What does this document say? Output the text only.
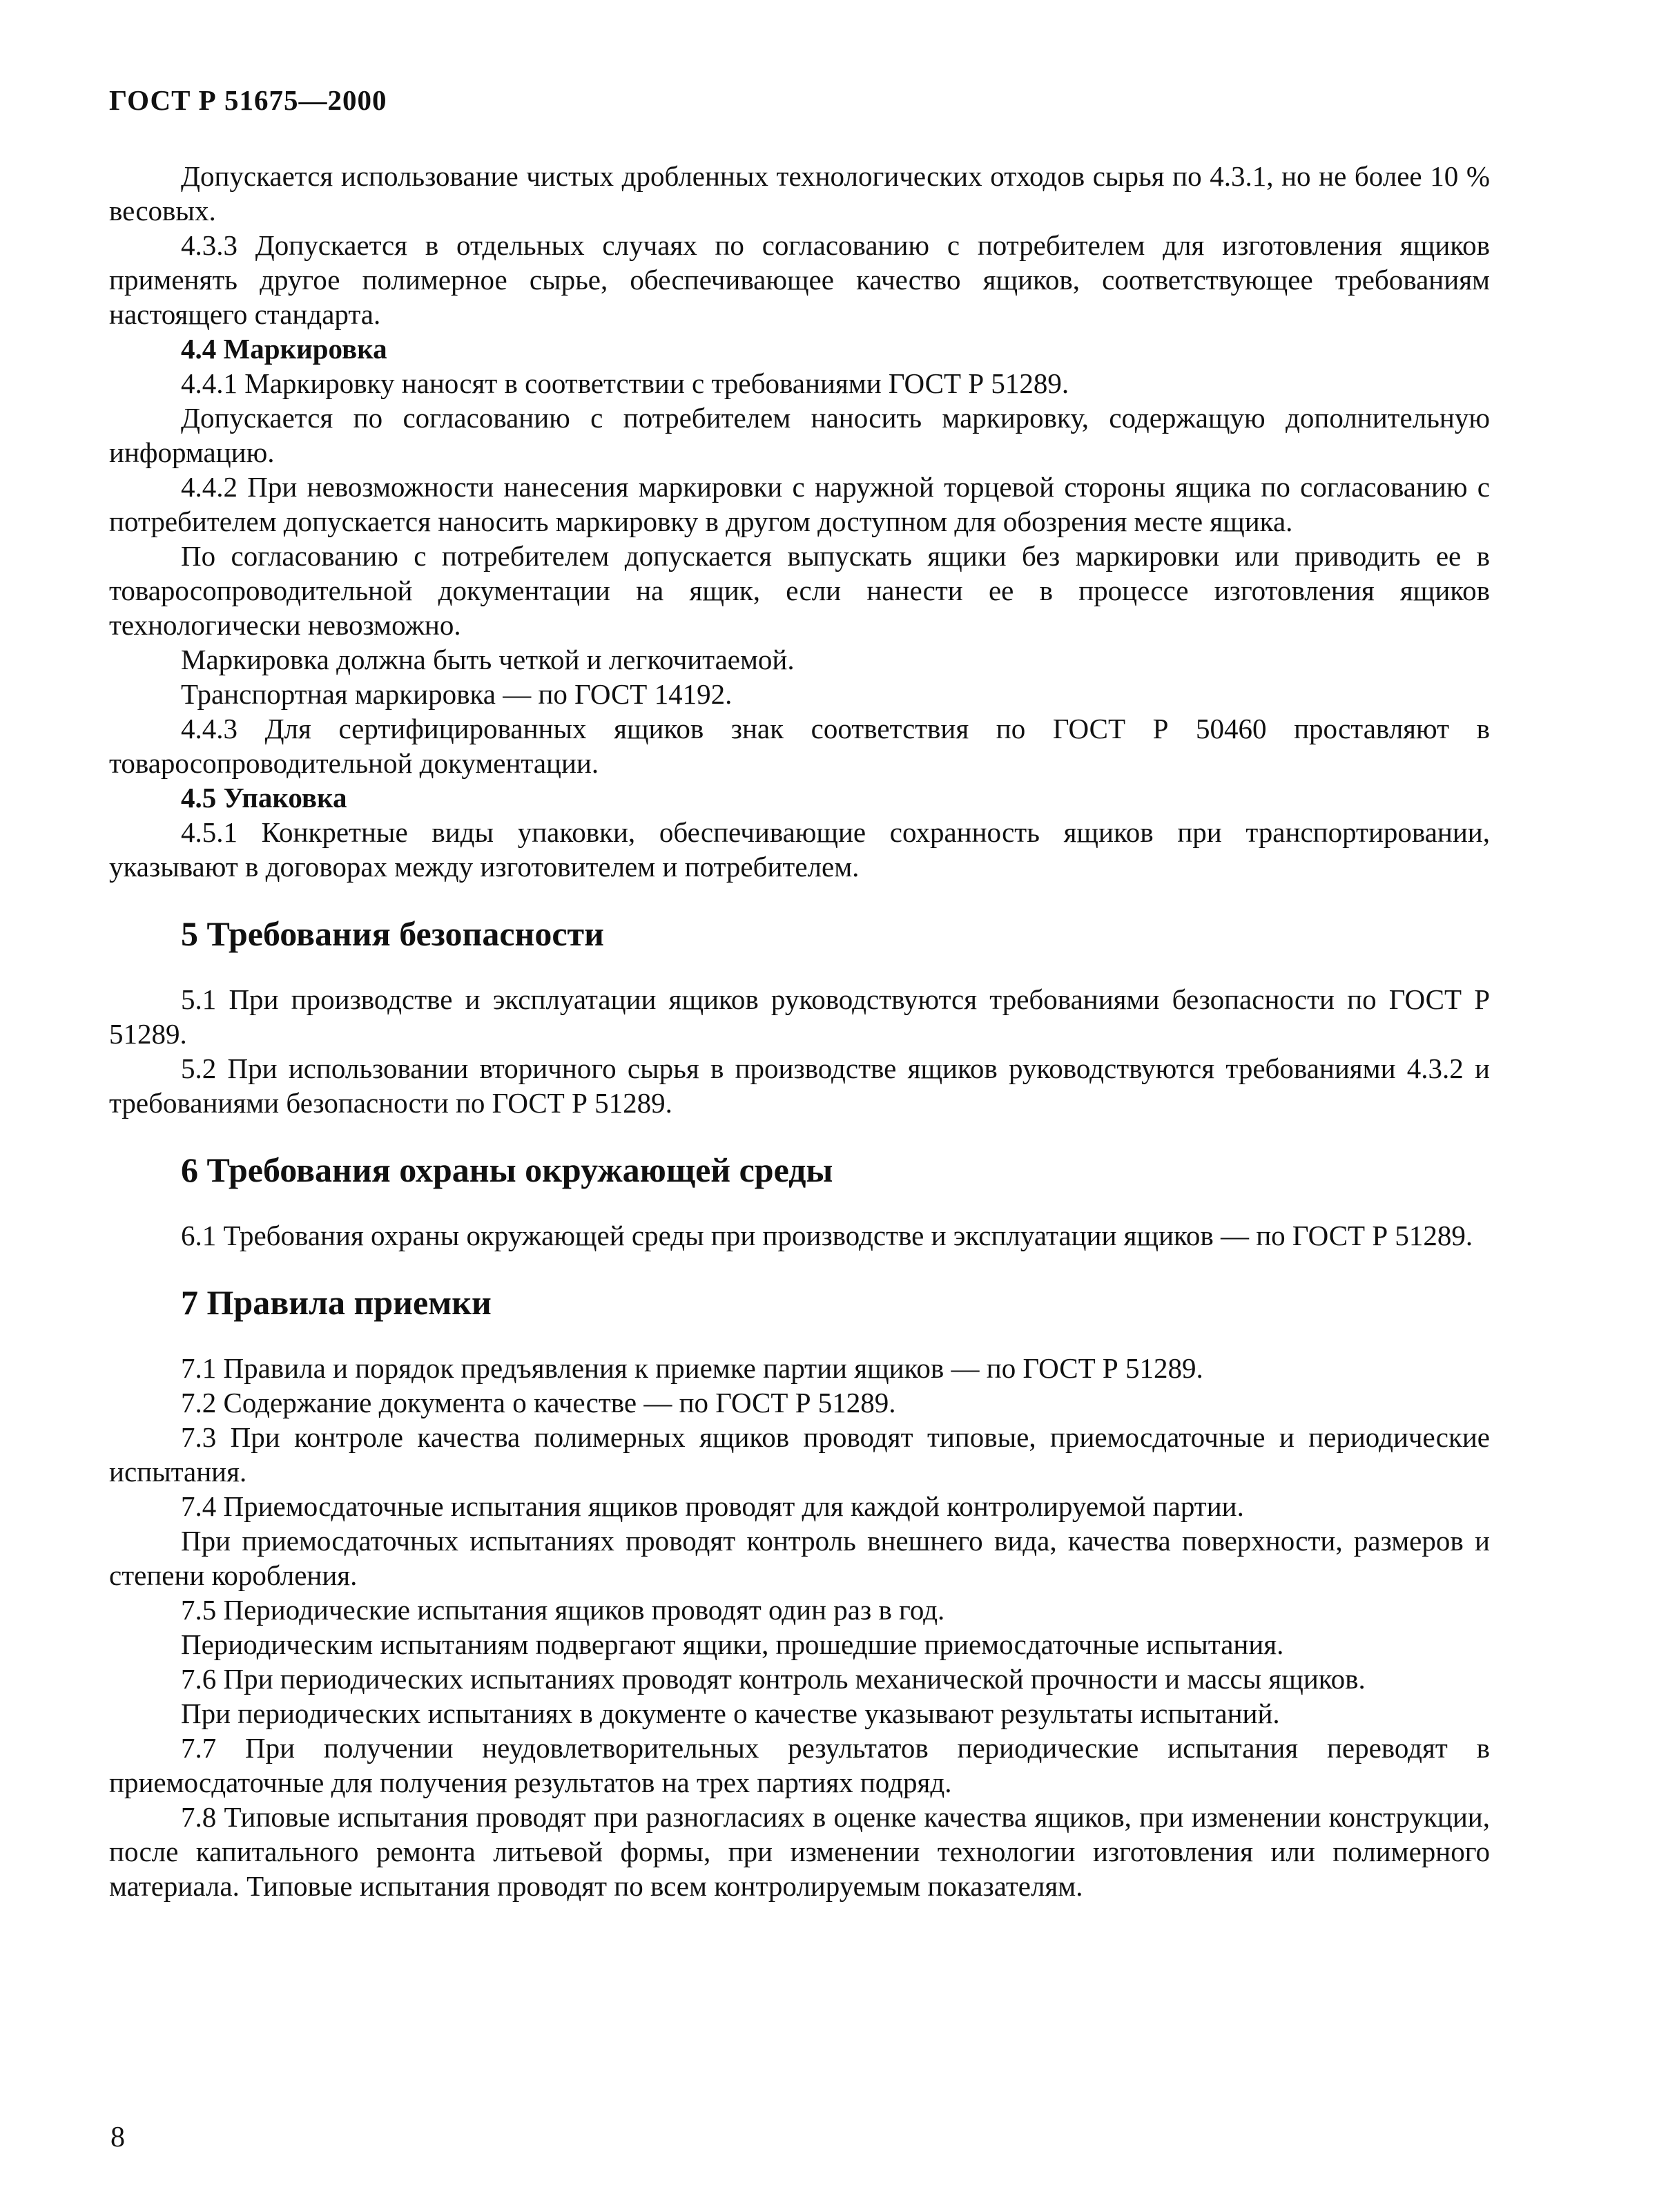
ГОСТ Р 51675—2000
Допускается использование чистых дробленных технологических отходов сырья по 4.3.1, но не более 10 % весовых.
4.3.3 Допускается в отдельных случаях по согласованию с потребителем для изготовления ящиков применять другое полимерное сырье, обеспечивающее качество ящиков, соответствующее требованиям настоящего стандарта.
4.4 Маркировка
4.4.1 Маркировку наносят в соответствии с требованиями ГОСТ Р 51289.
Допускается по согласованию с потребителем наносить маркировку, содержащую дополнительную информацию.
4.4.2 При невозможности нанесения маркировки с наружной торцевой стороны ящика по согласованию с потребителем допускается наносить маркировку в другом доступном для обозрения месте ящика.
По согласованию с потребителем допускается выпускать ящики без маркировки или приводить ее в товаросопроводительной документации на ящик, если нанести ее в процессе изготовления ящиков технологически невозможно.
Маркировка должна быть четкой и легкочитаемой.
Транспортная маркировка — по ГОСТ 14192.
4.4.3 Для сертифицированных ящиков знак соответствия по ГОСТ Р 50460 проставляют в товаросопроводительной документации.
4.5 Упаковка
4.5.1 Конкретные виды упаковки, обеспечивающие сохранность ящиков при транспортировании, указывают в договорах между изготовителем и потребителем.
5 Требования безопасности
5.1 При производстве и эксплуатации ящиков руководствуются требованиями безопасности по ГОСТ Р 51289.
5.2 При использовании вторичного сырья в производстве ящиков руководствуются требованиями 4.3.2 и требованиями безопасности по ГОСТ Р 51289.
6 Требования охраны окружающей среды
6.1 Требования охраны окружающей среды при производстве и эксплуатации ящиков — по ГОСТ Р 51289.
7 Правила приемки
7.1 Правила и порядок предъявления к приемке партии ящиков — по ГОСТ Р 51289.
7.2 Содержание документа о качестве — по ГОСТ Р 51289.
7.3 При контроле качества полимерных ящиков проводят типовые, приемосдаточные и периодические испытания.
7.4 Приемосдаточные испытания ящиков проводят для каждой контролируемой партии.
При приемосдаточных испытаниях проводят контроль внешнего вида, качества поверхности, размеров и степени коробления.
7.5 Периодические испытания ящиков проводят один раз в год.
Периодическим испытаниям подвергают ящики, прошедшие приемосдаточные испытания.
7.6 При периодических испытаниях проводят контроль механической прочности и массы ящиков.
При периодических испытаниях в документе о качестве указывают результаты испытаний.
7.7 При получении неудовлетворительных результатов периодические испытания переводят в приемосдаточные для получения результатов на трех партиях подряд.
7.8 Типовые испытания проводят при разногласиях в оценке качества ящиков, при изменении конструкции, после капитального ремонта литьевой формы, при изменении технологии изготовления или полимерного материала. Типовые испытания проводят по всем контролируемым показателям.
8
